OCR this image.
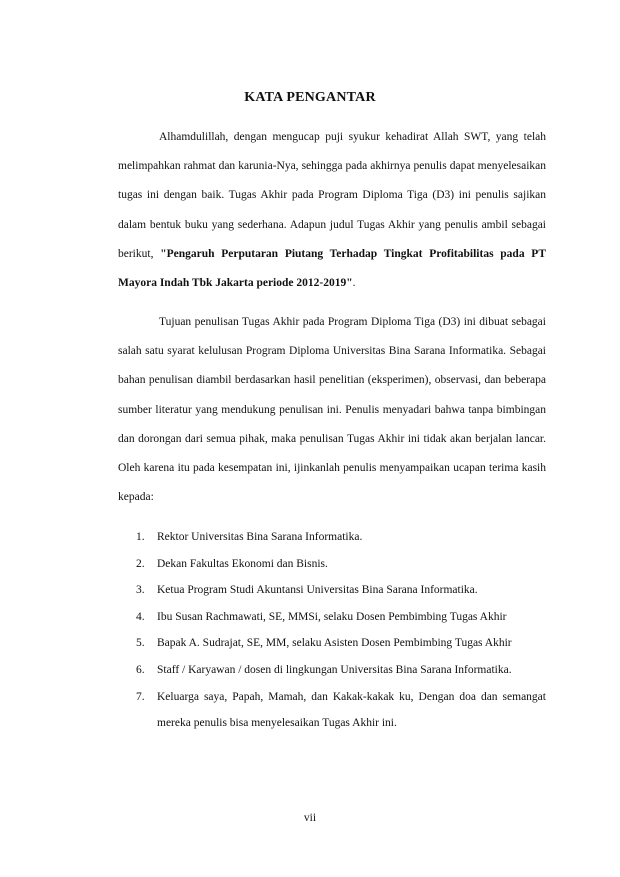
KATA PENGANTAR
Alhamdulillah, dengan mengucap puji syukur kehadirat Allah SWT, yang telah melimpahkan rahmat dan karunia-Nya, sehingga pada akhirnya penulis dapat menyelesaikan tugas ini dengan baik. Tugas Akhir pada Program Diploma Tiga (D3) ini penulis sajikan dalam bentuk buku yang sederhana. Adapun judul Tugas Akhir yang penulis ambil sebagai berikut, "Pengaruh Perputaran Piutang Terhadap Tingkat Profitabilitas pada PT Mayora Indah Tbk Jakarta periode 2012-2019".
Tujuan penulisan Tugas Akhir pada Program Diploma Tiga (D3) ini dibuat sebagai salah satu syarat kelulusan Program Diploma Universitas Bina Sarana Informatika. Sebagai bahan penulisan diambil berdasarkan hasil penelitian (eksperimen), observasi, dan beberapa sumber literatur yang mendukung penulisan ini. Penulis menyadari bahwa tanpa bimbingan dan dorongan dari semua pihak, maka penulisan Tugas Akhir ini tidak akan berjalan lancar. Oleh karena itu pada kesempatan ini, ijinkanlah penulis menyampaikan ucapan terima kasih kepada:
1. Rektor Universitas Bina Sarana Informatika.
2. Dekan Fakultas Ekonomi dan Bisnis.
3. Ketua Program Studi Akuntansi Universitas Bina Sarana Informatika.
4. Ibu Susan Rachmawati, SE, MMSi, selaku Dosen Pembimbing Tugas Akhir
5. Bapak A. Sudrajat, SE, MM, selaku Asisten Dosen Pembimbing Tugas Akhir
6. Staff / Karyawan / dosen di lingkungan Universitas Bina Sarana Informatika.
7. Keluarga saya, Papah, Mamah, dan Kakak-kakak ku, Dengan doa dan semangat mereka penulis bisa menyelesaikan Tugas Akhir ini.
vii
